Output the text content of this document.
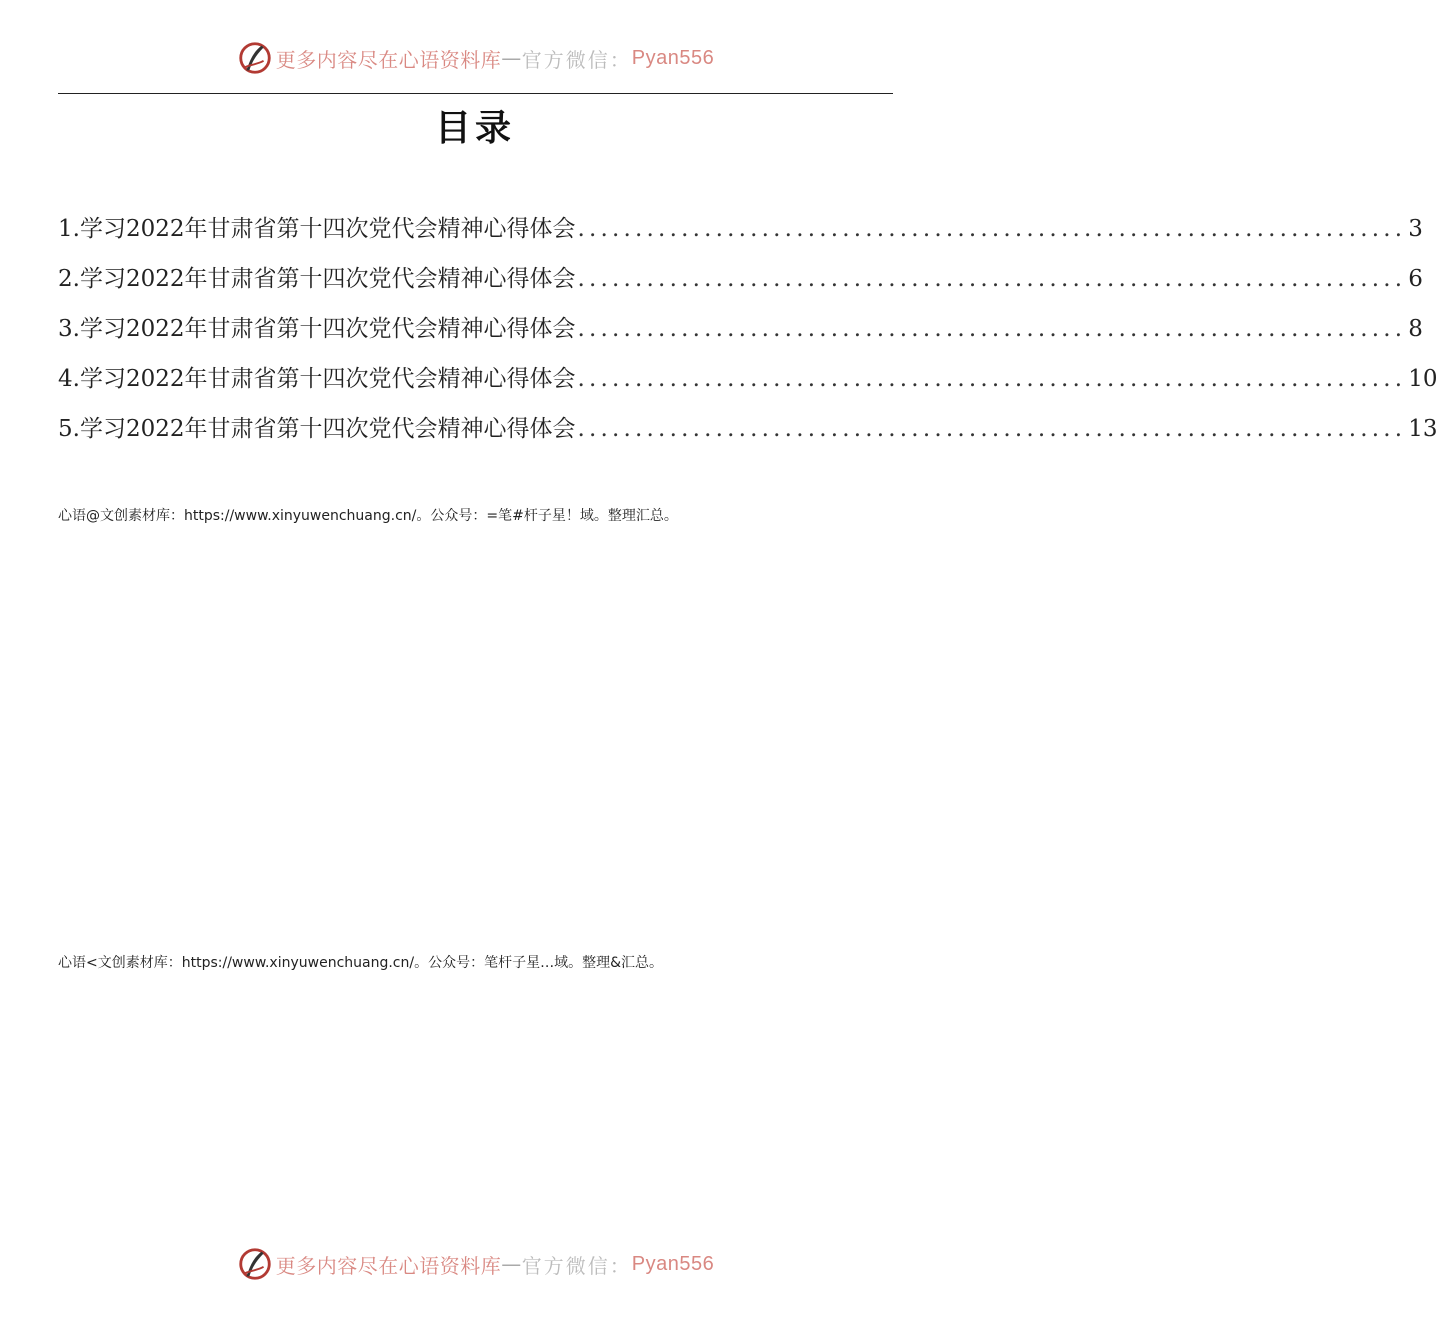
更多内容尽在心语资料库 — 官方微信： Pyan556
目录
1.学习2022年甘肃省第十四次党代会精神心得体会 ........................................................................ 3
2.学习2022年甘肃省第十四次党代会精神心得体会 ........................................................................ 6
3.学习2022年甘肃省第十四次党代会精神心得体会 ........................................................................ 8
4.学习2022年甘肃省第十四次党代会精神心得体会 ........................................................................ 10
5.学习2022年甘肃省第十四次党代会精神心得体会 ........................................................................ 13
心语@文创素材库：https://www.xinyuwenchuang.cn/。公众号：=笔#杆子星！域。整理汇总。
心语<文创素材库：https://www.xinyuwenchuang.cn/。公众号：笔杆子星…域。整理&汇总。
更多内容尽在心语资料库 — 官方微信： Pyan556
